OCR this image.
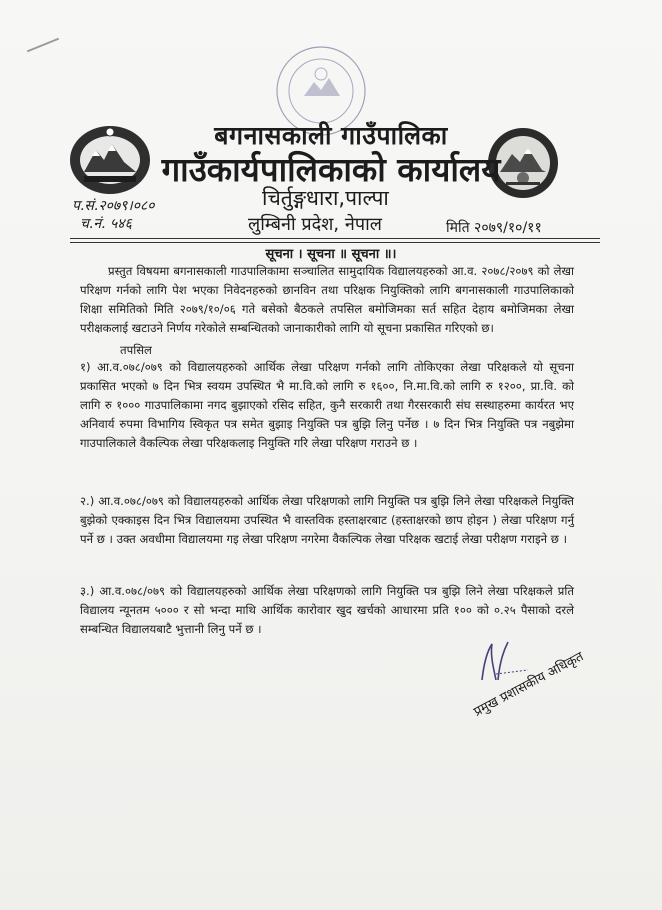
बगनासकाली गाउँपालिका
गाउँकार्यपालिकाको कार्यालय
चिर्तुङ्गधारा,पाल्पा
लुम्बिनी प्रदेश, नेपाल
प.सं.२०७९।०८०
च.नं. ५४६	मिति २०७९/१०/११
सूचना । सूचना ॥ सूचना ॥।
प्रस्तुत विषयमा बगनासकाली गाउपालिकामा सञ्चालित सामुदायिक विद्यालयहरुको आ.व. २०७८/२०७९ को लेखा परिक्षण गर्नको लागि पेश भएका निवेदनहरुको छानविन तथा परिक्षक नियुक्तिको लागि बगनासकाली गाउपालिकाको शिक्षा समितिको मिति २०७९/१०/०६ गते बसेको बैठकले तपसिल बमोजिमका सर्त सहित देहाय बमोजिमका लेखा परीक्षकलाई खटाउने निर्णय गरेकोले सम्बन्धितको जानाकारीको लागि यो सूचना प्रकासित गरिएको छ।
तपसिल
१) आ.व.०७८/०७९ को विद्यालयहरुको आर्थिक लेखा परिक्षण गर्नको लागि तोकिएका लेखा परिक्षकले यो सूचना प्रकासित भएको ७ दिन भित्र स्वयम उपस्थित भै मा.वि.को लागि रु १६००, नि.मा.वि.को लागि रु १२००, प्रा.वि. को लागि रु १००० गाउपालिकामा नगद बुझाएको रसिद सहित, कुनै सरकारी तथा गैरसरकारी संघ सस्थाहरुमा कार्यरत भए अनिवार्य रुपमा विभागिय स्विकृत पत्र समेत बुझाइ नियुक्ति पत्र बुझि लिनु पर्नेछ । ७ दिन भित्र नियुक्ति पत्र नबुझेमा गाउपालिकाले वैकल्पिक लेखा परिक्षकलाइ नियुक्ति गरि लेखा परिक्षण गराउने छ ।
२.) आ.व.०७८/०७९ को विद्यालयहरुको आर्थिक लेखा परिक्षणको लागि नियुक्ति पत्र बुझि लिने लेखा परिक्षकले नियुक्ति बुझेको एक्काइस दिन भित्र विद्यालयमा उपस्थित भै वास्तविक हस्ताक्षरबाट (हस्ताक्षरको छाप होइन ) लेखा परिक्षण गर्नु पर्ने छ । उक्त अवधीमा विद्यालयमा गइ लेखा परिक्षण नगरेमा वैकल्पिक लेखा परिक्षक खटाई लेखा परीक्षण गराइने छ ।
३.) आ.व.०७८/०७९ को विद्यालयहरुको आर्थिक लेखा परिक्षणको लागि नियुक्ति पत्र बुझि लिने लेखा परिक्षकले प्रति विद्यालय न्यूनतम ५००० र सो भन्दा माथि आर्थिक कारोवार खुद खर्चको आधारमा प्रति १०० को ०.२५ पैसाको दरले सम्बन्धित विद्यालयबाटै भुत्तानी लिनु पर्ने छ ।
प्रमुख प्रशासकीय अधिकृत
